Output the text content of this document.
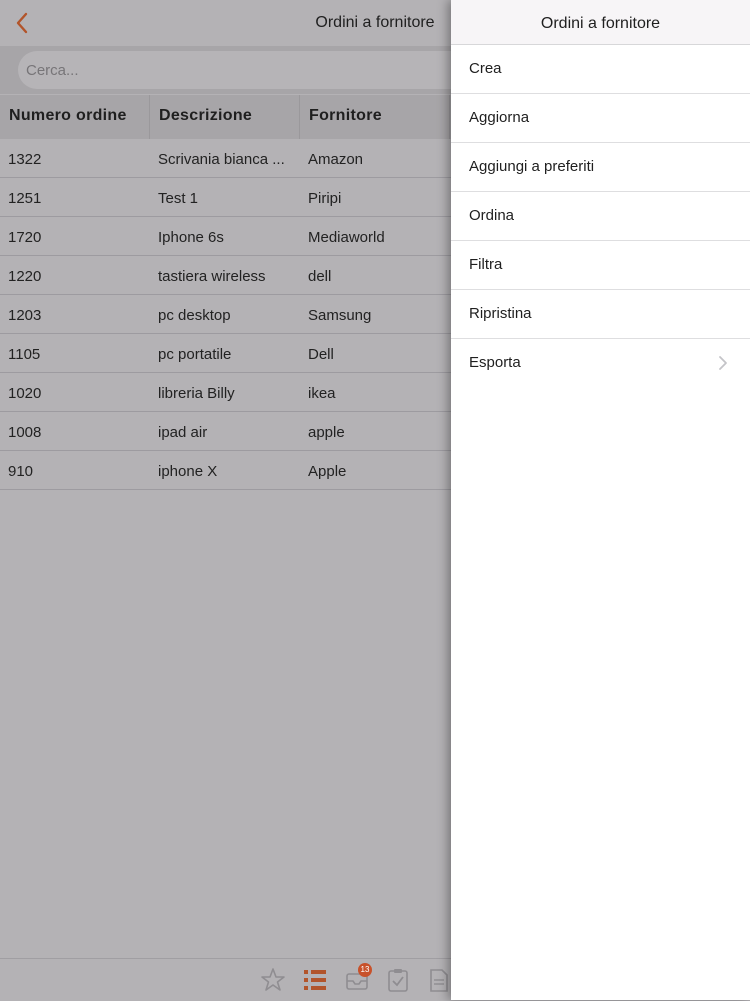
Ordini a fornitore
Cerca...
Numero ordine	Descrizione	Fornitore
1322	Scrivania bianca ...	Amazon
1251	Test 1	Piripi
1720	Iphone 6s	Mediaworld
1220	tastiera wireless	dell
1203	pc desktop	Samsung
1105	pc portatile	Dell
1020	libreria Billy	ikea
1008	ipad air	apple
910	iphone X	Apple
13
Ordini a fornitore
Crea
Aggiorna
Aggiungi a preferiti
Ordina
Filtra
Ripristina
Esporta
